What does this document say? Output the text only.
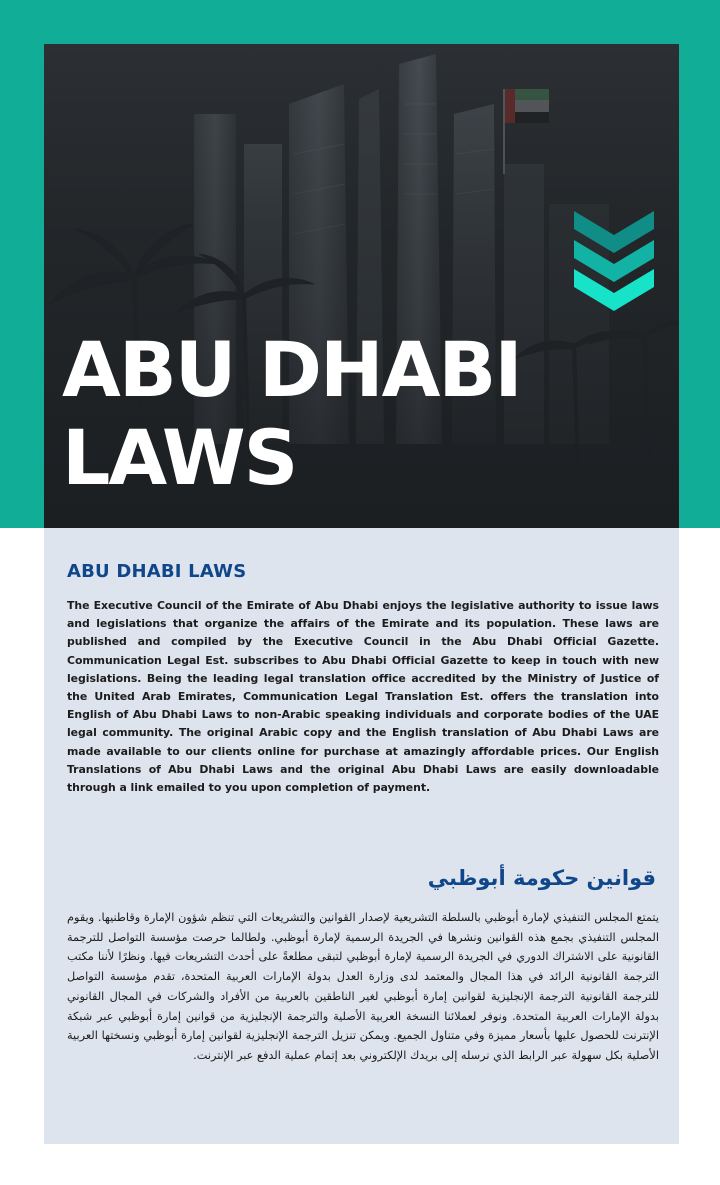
ABU DHABI
LAWS
ABU DHABI LAWS

The Executive Council of the Emirate of Abu Dhabi enjoys the legislative authority to issue laws and legislations that organize the affairs of the Emirate and its population. These laws are published and compiled by the Executive Council in the Abu Dhabi Official Gazette. Communication Legal Est. subscribes to Abu Dhabi Official Gazette to keep in touch with new legislations. Being the leading legal translation office accredited by the Ministry of Justice of the United Arab Emirates, Communication Legal Translation Est. offers the translation into English of Abu Dhabi Laws to non-Arabic speaking individuals and corporate bodies of the UAE legal community. The original Arabic copy and the English translation of Abu Dhabi Laws are made available to our clients online for purchase at amazingly affordable prices. Our English Translations of Abu Dhabi Laws and the original Abu Dhabi Laws are easily downloadable through a link emailed to you upon completion of payment.

قوانين حكومة أبوظبي

يتمتع المجلس التنفيذي لإمارة أبوظبي بالسلطة التشريعية لإصدار القوانين والتشريعات التي تنظم شؤون الإمارة وقاطنيها. ويقوم المجلس التنفيذي بجمع هذه القوانين ونشرها في الجريدة الرسمية لإمارة أبوظبي. ولطالما حرصت مؤسسة التواصل للترجمة القانونية على الاشتراك الدوري في الجريدة الرسمية لإمارة أبوظبي لتبقى مطلعةً على أحدث التشريعات فيها. ونظرًا لأننا مكتب الترجمة القانونية الرائد في هذا المجال والمعتمد لدى وزارة العدل بدولة الإمارات العربية المتحدة، تقدم مؤسسة التواصل للترجمة القانونية الترجمة الإنجليزية لقوانين إمارة أبوظبي لغير الناطقين بالعربية من الأفراد والشركات في المجال القانوني بدولة الإمارات العربية المتحدة. ونوفر لعملائنا النسخة العربية الأصلية والترجمة الإنجليزية من قوانين إمارة أبوظبي عبر شبكة الإنترنت للحصول عليها بأسعار مميزة وفي متناول الجميع. ويمكن تنزيل الترجمة الإنجليزية لقوانين إمارة أبوظبي ونسختها العربية الأصلية بكل سهولة عبر الرابط الذي نرسله إلى بريدك الإلكتروني بعد إتمام عملية الدفع عبر الإنترنت.
